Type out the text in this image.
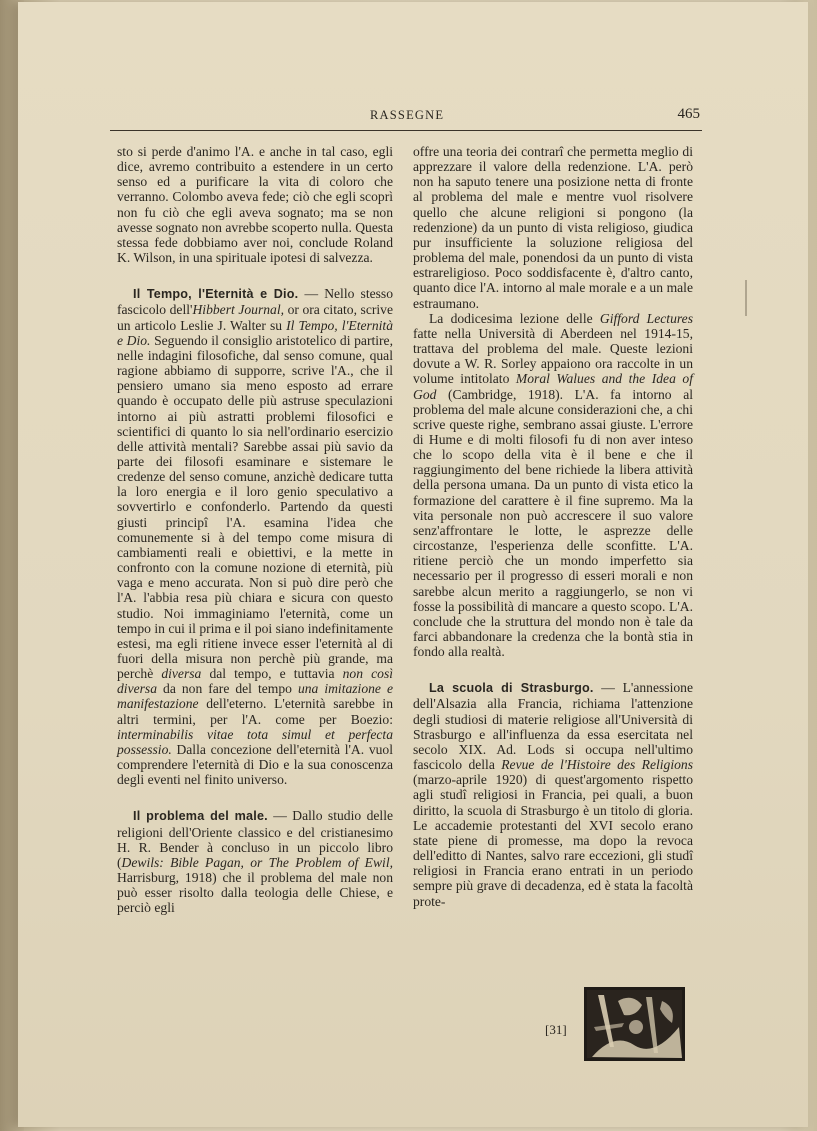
RASSEGNE	465

sto si perde d'animo l'A. e anche in tal caso, egli dice, avremo contribuito a estendere in un certo senso ed a purificare la vita di coloro che verranno. Colombo aveva fede; ciò che egli scoprì non fu ciò che egli aveva sognato; ma se non avesse sognato non avrebbe scoperto nulla. Questa stessa fede dobbiamo aver noi, conclude Roland K. Wilson, in una spirituale ipotesi di salvezza.

Il Tempo, l'Eternità e Dio. — Nello stesso fascicolo dell'Hibbert Journal, or ora citato, scrive un articolo Leslie J. Walter su Il Tempo, l'Eternità e Dio. Seguendo il consiglio aristotelico di partire, nelle indagini filosofiche, dal senso comune, qual ragione abbiamo di supporre, scrive l'A., che il pensiero umano sia meno esposto ad errare quando è occupato delle più astruse speculazioni intorno ai più astratti problemi filosofici e scientifici di quanto lo sia nell'ordinario esercizio delle attività mentali? Sarebbe assai più savio da parte dei filosofi esaminare e sistemare le credenze del senso comune, anzichè dedicare tutta la loro energia e il loro genio speculativo a sovvertirlo e confonderlo. Partendo da questi giusti principî l'A. esamina l'idea che comunemente si à del tempo come misura di cambiamenti reali e obiettivi, e la mette in confronto con la comune nozione di eternità, più vaga e meno accurata. Non si può dire però che l'A. l'abbia resa più chiara e sicura con questo studio. Noi immaginiamo l'eternità, come un tempo in cui il prima e il poi siano indefinitamente estesi, ma egli ritiene invece esser l'eternità al di fuori della misura non perchè più grande, ma perchè diversa dal tempo, e tuttavia non così diversa da non fare del tempo una imitazione e manifestazione dell'eterno. L'eternità sarebbe in altri termini, per l'A. come per Boezio: interminabilis vitae tota simul et perfecta possessio. Dalla concezione dell'eternità l'A. vuol comprendere l'eternità di Dio e la sua conoscenza degli eventi nel finito universo.

Il problema del male. — Dallo studio delle religioni dell'Oriente classico e del cristianesimo H. R. Bender à concluso in un piccolo libro (Dewils: Bible Pagan, or The Problem of Ewil, Harrisburg, 1918) che il problema del male non può esser risolto dalla teologia delle Chiese, e perciò egli

offre una teoria dei contrarî che permetta meglio di apprezzare il valore della redenzione. L'A. però non ha saputo tenere una posizione netta di fronte al problema del male e mentre vuol risolvere quello che alcune religioni si pongono (la redenzione) da un punto di vista religioso, giudica pur insufficiente la soluzione religiosa del problema del male, ponendosi da un punto di vista estrareligioso. Poco soddisfacente è, d'altro canto, quanto dice l'A. intorno al male morale e a un male estraumano.

La dodicesima lezione delle Gifford Lectures fatte nella Università di Aberdeen nel 1914-15, trattava del problema del male. Queste lezioni dovute a W. R. Sorley appaiono ora raccolte in un volume intitolato Moral Walues and the Idea of God (Cambridge, 1918). L'A. fa intorno al problema del male alcune considerazioni che, a chi scrive queste righe, sembrano assai giuste. L'errore di Hume e di molti filosofi fu di non aver inteso che lo scopo della vita è il bene e che il raggiungimento del bene richiede la libera attività della persona umana. Da un punto di vista etico la formazione del carattere è il fine supremo. Ma la vita personale non può accrescere il suo valore senz'affrontare le lotte, le asprezze delle circostanze, l'esperienza delle sconfitte. L'A. ritiene perciò che un mondo imperfetto sia necessario per il progresso di esseri morali e non sarebbe alcun merito a raggiungerlo, se non vi fosse la possibilità di mancare a questo scopo. L'A. conclude che la struttura del mondo non è tale da farci abbandonare la credenza che la bontà stia in fondo alla realtà.

La scuola di Strasburgo. — L'annessione dell'Alsazia alla Francia, richiama l'attenzione degli studiosi di materie religiose all'Università di Strasburgo e all'influenza da essa esercitata nel secolo XIX. Ad. Lods si occupa nell'ultimo fascicolo della Revue de l'Histoire des Religions (marzo-aprile 1920) di quest'argomento rispetto agli studî religiosi in Francia, pei quali, a buon diritto, la scuola di Strasburgo è un titolo di gloria. Le accademie protestanti del XVI secolo erano state piene di promesse, ma dopo la revoca dell'editto di Nantes, salvo rare eccezioni, gli studî religiosi in Francia erano entrati in un periodo sempre più grave di decadenza, ed è stata la facoltà prote-

[31]
